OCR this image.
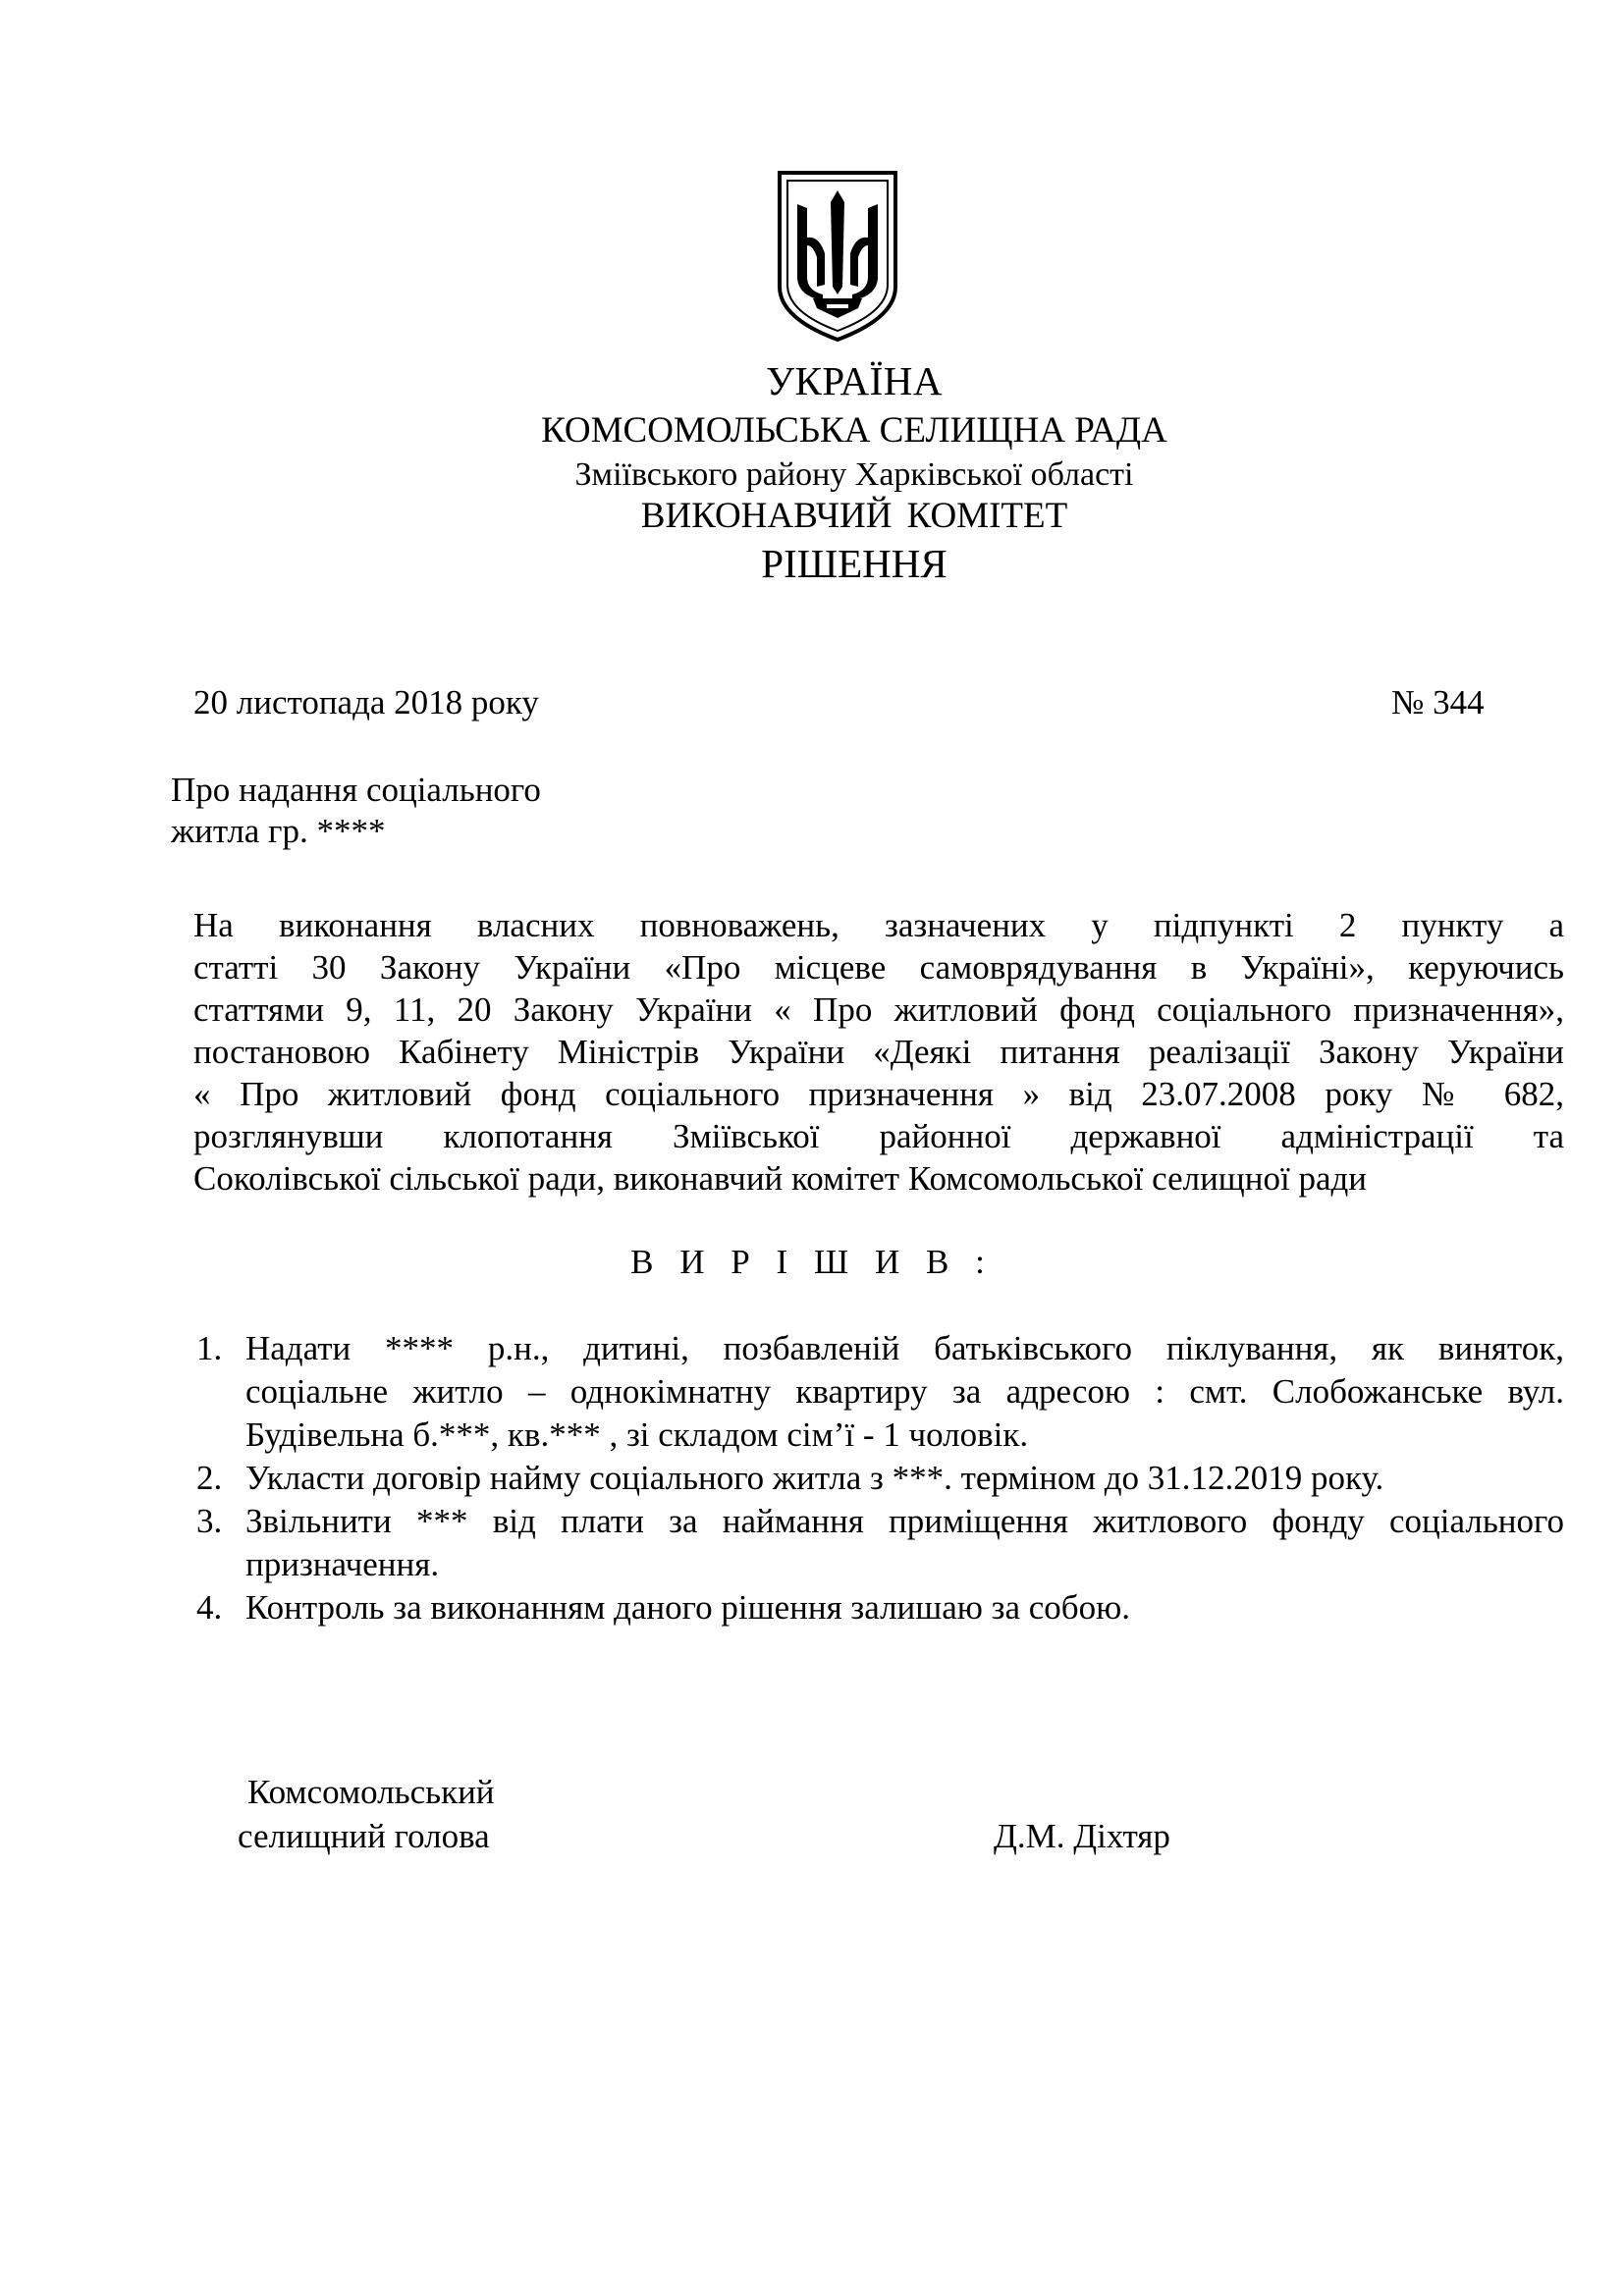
УКРАЇНА
КОМСОМОЛЬСЬКА СЕЛИЩНА РАДА
Зміївського району Харківської області
ВИКОНАВЧИЙ КОМІТЕТ
РІШЕННЯ
20 листопада 2018 року	№ 344
Про надання соціального
житла гр. ****
На виконання власних повноважень, зазначених у підпункті 2 пункту а
статті 30 Закону України «Про місцеве самоврядування в Україні», керуючись
статтями 9, 11, 20 Закону України « Про житловий фонд соціального призначення»,
постановою Кабінету Міністрів України «Деякі питання реалізації Закону України
« Про житловий фонд соціального призначення » від 23.07.2008 року № 682,
розглянувши клопотання Зміївської районної державної адміністрації та
Соколівської сільської ради, виконавчий комітет Комсомольської селищної ради
В И Р І Ш И В :
1. Надати **** р.н., дитині, позбавленій батьківського піклування, як виняток,
соціальне житло – однокімнатну квартиру за адресою : смт. Слобожанське вул.
Будівельна б.***, кв.*** , зі складом сім’ї - 1 чоловік.
2. Укласти договір найму соціального житла з ***. терміном до 31.12.2019 року.
3. Звільнити *** від плати за наймання приміщення житлового фонду соціального
призначення.
4. Контроль за виконанням даного рішення залишаю за собою.
Комсомольський
селищний голова	Д.М. Діхтяр
